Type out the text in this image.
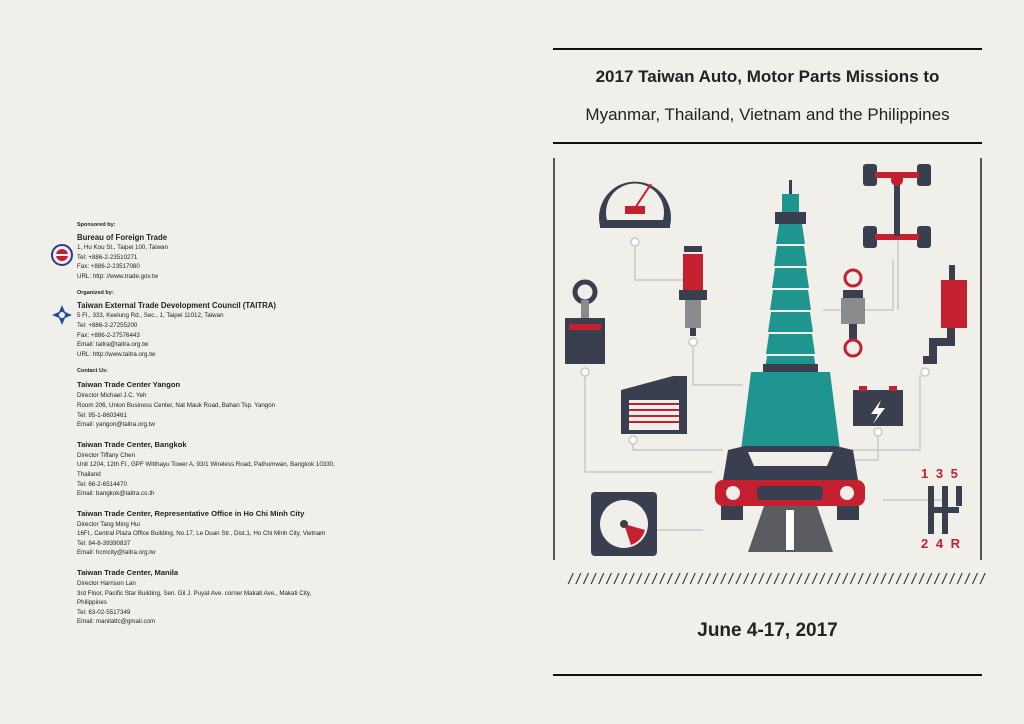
Sponsored by:
Bureau of Foreign Trade
1, Hu Kou St., Taipei 100, Taiwan
Tel: +886-2-23510271
Fax: +886-2-23517080
URL: http: //www.trade.gov.tw
Organized by:
Taiwan External Trade Development Council (TAITRA)
5 Fl., 333, Keelung Rd., Sec., 1, Taipei 11012, Taiwan
Tel: +886-2-27255200
Fax: +886-2-27576443
Email: taitra@taitra.org.tw
URL: http://www.taitra.org.tw
Contact Us:
Taiwan Trade Center Yangon
Director Michael J.C. Yeh
Room 206, Union Business Center, Nat Mauk Road, Bahan Tsp. Yangon
Tel: 95-1-8603461
Email: yangon@taitra.org.tw
Taiwan Trade Center, Bangkok
Director Tiffany Chen
Unit 1204, 12th Fl., GPF Witthayu Tower A, 93/1 Wireless Road, Pathumwan, Bangkok 10330,
Thailand
Tel: 66-2-6514470
Email: bangkok@taitra.co.th
Taiwan Trade Center, Representative Office in Ho Chi Minh City
Director Tang Ming Hui
16Fl., Central Plaza Office Building, No.17, Le Duan Str., Dist.1, Ho Chi Minh City, Vietnam
Tel: 84-8-39390837
Email: hcmcity@taitra.org.tw
Taiwan Trade Center, Manila
Director Harrison Lan
3rd Floor, Pacific Star Building, Sen. Gil J. Puyat Ave. corner Makati Ave., Makati City,
Philippines
Tel: 63-02-5517349
Email: manilattc@gmail.com
2017 Taiwan Auto, Motor Parts Missions to
Myanmar, Thailand, Vietnam and the Philippines
1 3 5
2 4 R
///////////////////////////////////////////////////////
June 4-17, 2017
